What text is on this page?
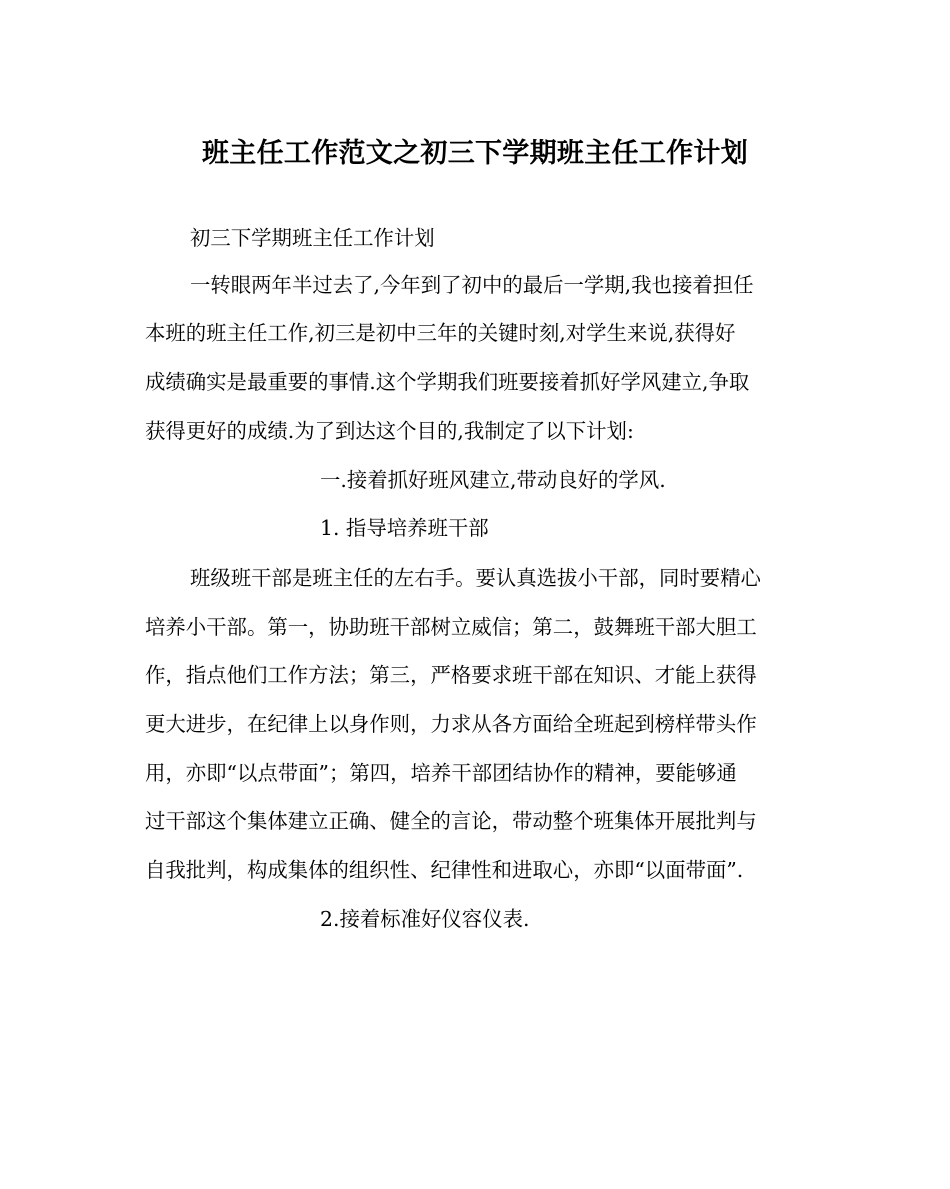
班主任工作范文之初三下学期班主任工作计划
初三下学期班主任工作计划
一转眼两年半过去了,今年到了初中的最后一学期,我也接着担任
本班的班主任工作,初三是初中三年的关键时刻,对学生来说,获得好
成绩确实是最重要的事情.这个学期我们班要接着抓好学风建立,争取
获得更好的成绩.为了到达这个目的,我制定了以下计划:
一.接着抓好班风建立,带动良好的学风.
1. 指导培养班干部
班级班干部是班主任的左右手。要认真选拔小干部，同时要精心
培养小干部。第一，协助班干部树立威信；第二，鼓舞班干部大胆工
作，指点他们工作方法；第三，严格要求班干部在知识、才能上获得
更大进步，在纪律上以身作则，力求从各方面给全班起到榜样带头作
用，亦即“以点带面”；第四，培养干部团结协作的精神，要能够通
过干部这个集体建立正确、健全的言论，带动整个班集体开展批判与
自我批判，构成集体的组织性、纪律性和进取心，亦即“以面带面”.
2.接着标准好仪容仪表.
